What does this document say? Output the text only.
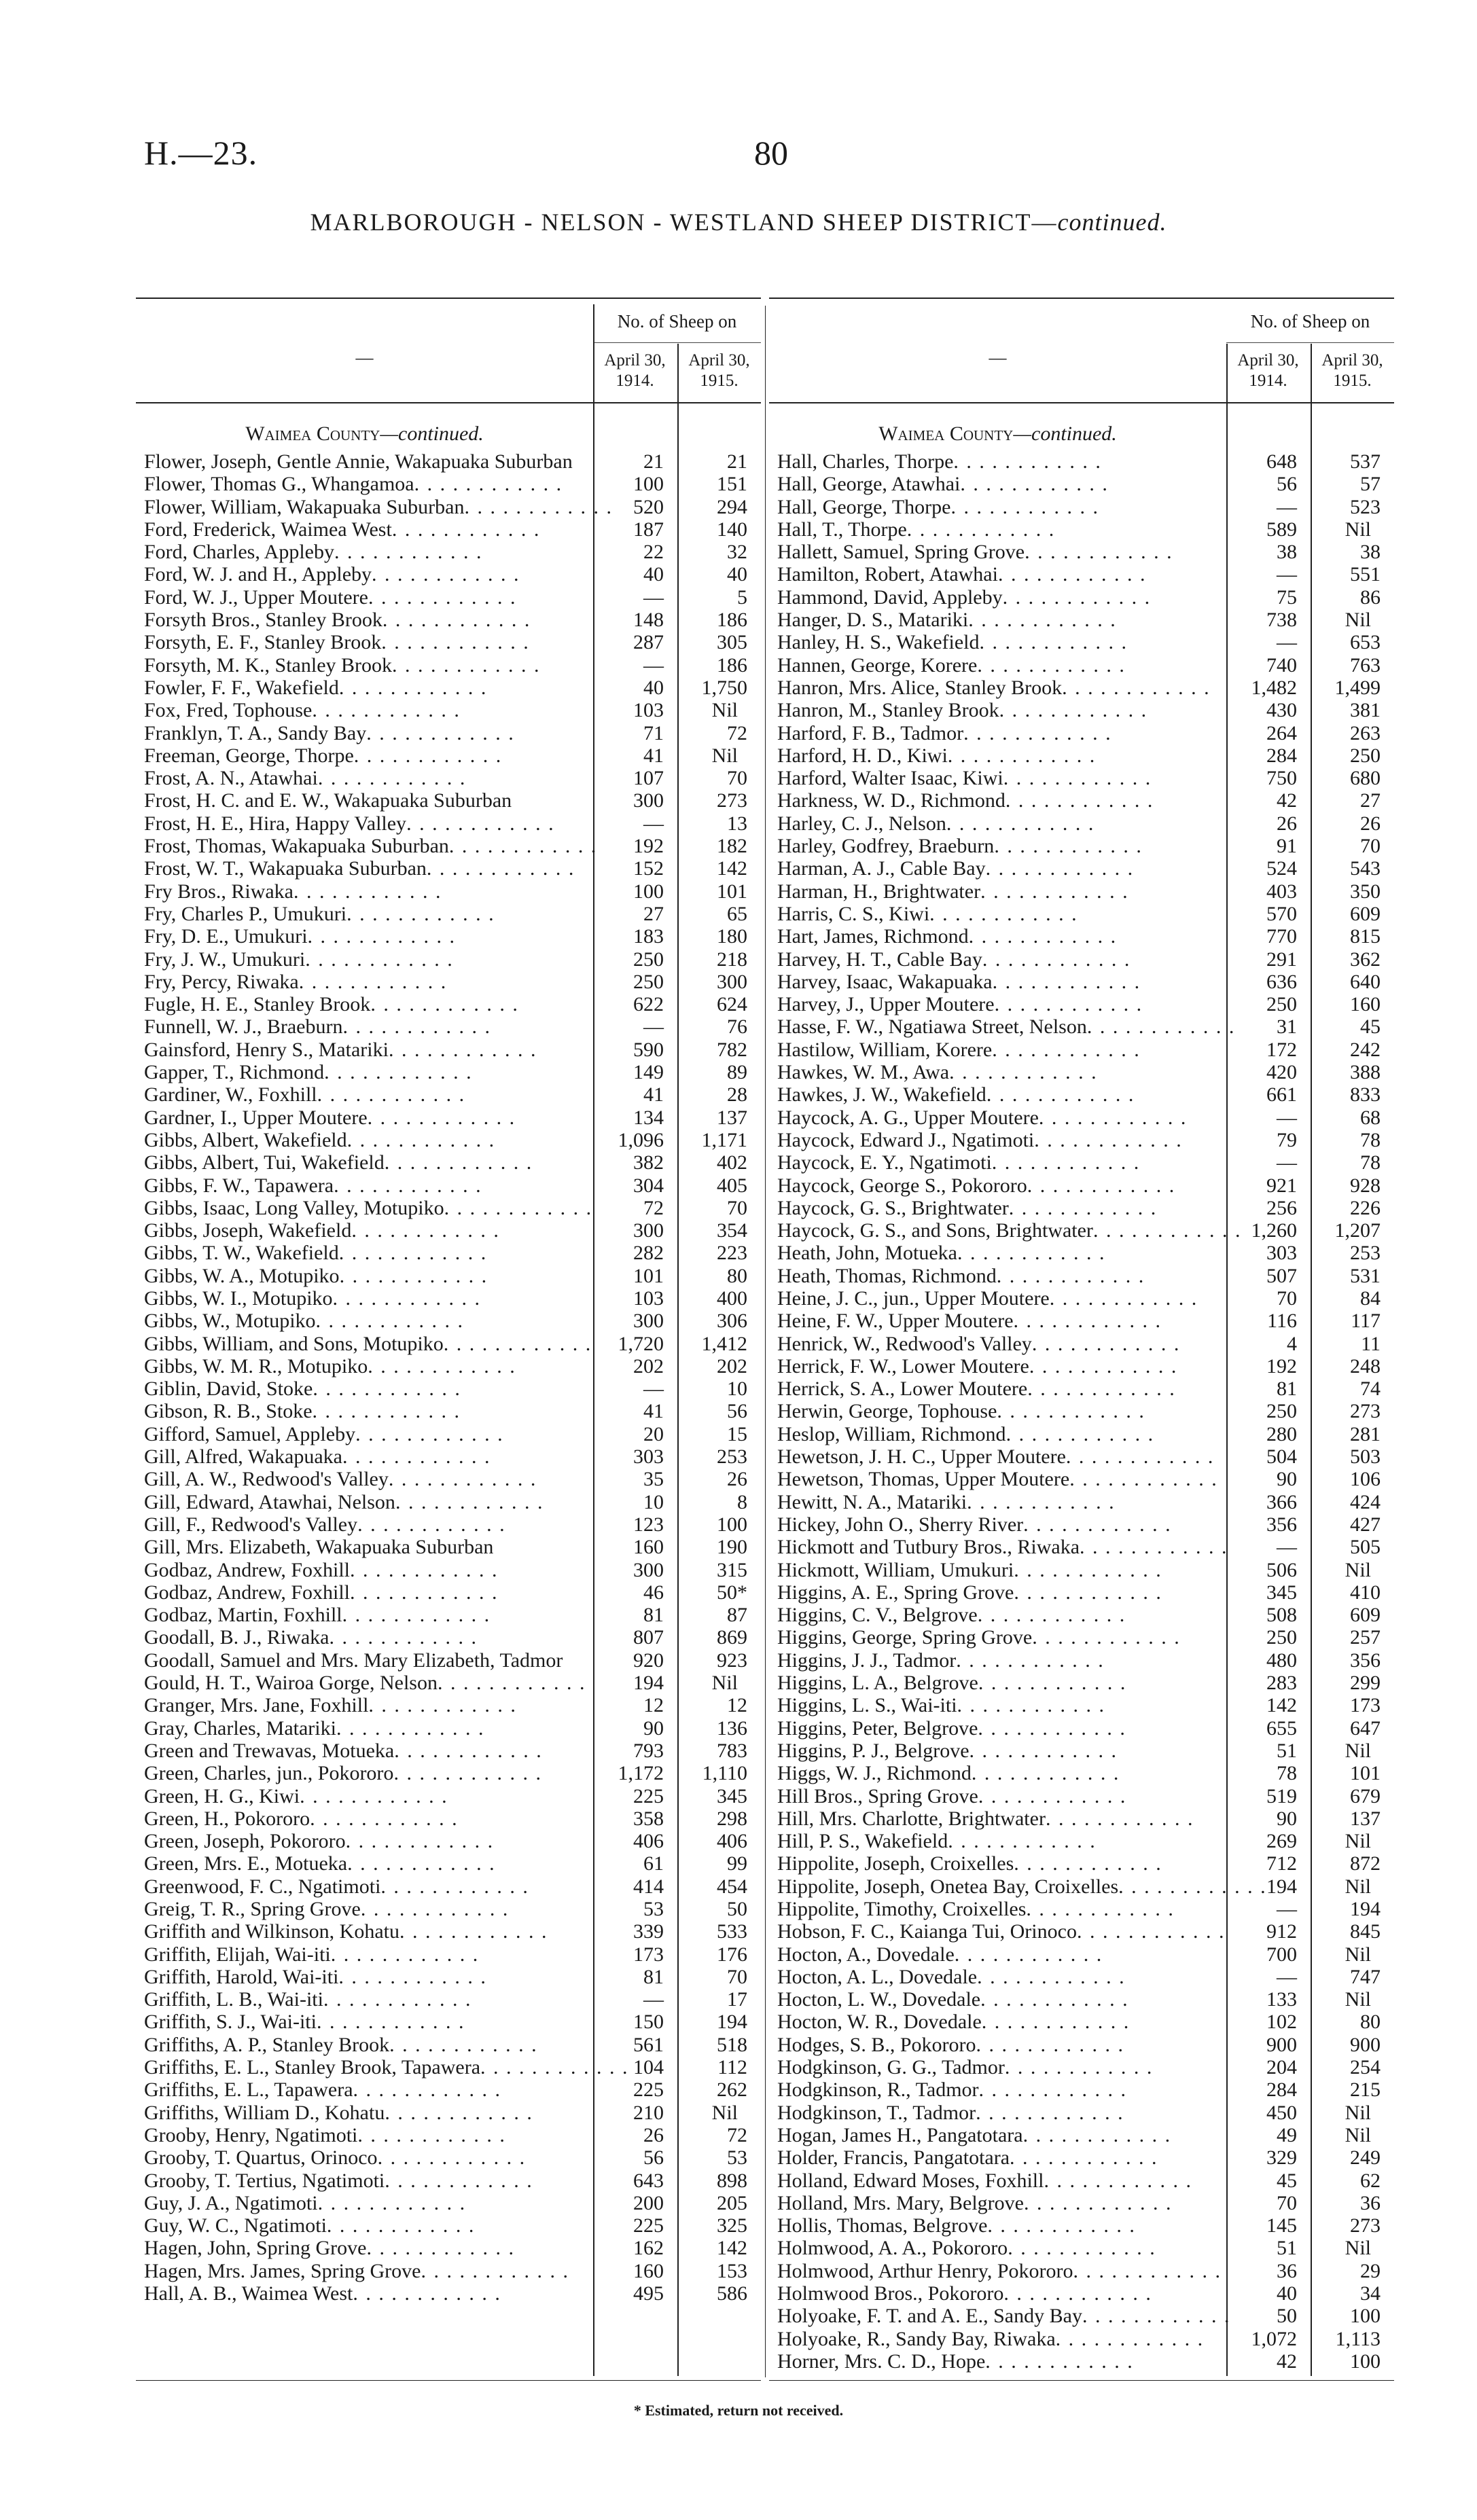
H.—23.	80
MARLBOROUGH - NELSON - WESTLAND SHEEP DISTRICT—continued.
—
No. of Sheep on
April 30, 1914.
April 30, 1915.
Waimea County—continued.
Flower, Joseph, Gentle Annie, Wakapuaka Suburban	21	21
Flower, Thomas G., Whangamoa . . . . . . . . . . . .	100	151
Flower, William, Wakapuaka Suburban . . . . . . . . . . . .	520	294
Ford, Frederick, Waimea West . . . . . . . . . . . .	187	140
Ford, Charles, Appleby . . . . . . . . . . . .	22	32
Ford, W. J. and H., Appleby . . . . . . . . . . . .	40	40
Ford, W. J., Upper Moutere . . . . . . . . . . . .	—	5
Forsyth Bros., Stanley Brook . . . . . . . . . . . .	148	186
Forsyth, E. F., Stanley Brook . . . . . . . . . . . .	287	305
Forsyth, M. K., Stanley Brook . . . . . . . . . . . .	—	186
Fowler, F. F., Wakefield . . . . . . . . . . . .	40	1,750
Fox, Fred, Tophouse . . . . . . . . . . . .	103	Nil
Franklyn, T. A., Sandy Bay . . . . . . . . . . . .	71	72
Freeman, George, Thorpe . . . . . . . . . . . .	41	Nil
Frost, A. N., Atawhai . . . . . . . . . . . .	107	70
Frost, H. C. and E. W., Wakapuaka Suburban	300	273
Frost, H. E., Hira, Happy Valley . . . . . . . . . . . .	—	13
Frost, Thomas, Wakapuaka Suburban . . . . . . . . . . . .	192	182
Frost, W. T., Wakapuaka Suburban . . . . . . . . . . . .	152	142
Fry Bros., Riwaka . . . . . . . . . . . .	100	101
Fry, Charles P., Umukuri . . . . . . . . . . . .	27	65
Fry, D. E., Umukuri . . . . . . . . . . . .	183	180
Fry, J. W., Umukuri . . . . . . . . . . . .	250	218
Fry, Percy, Riwaka . . . . . . . . . . . .	250	300
Fugle, H. E., Stanley Brook . . . . . . . . . . . .	622	624
Funnell, W. J., Braeburn . . . . . . . . . . . .	—	76
Gainsford, Henry S., Matariki . . . . . . . . . . . .	590	782
Gapper, T., Richmond . . . . . . . . . . . .	149	89
Gardiner, W., Foxhill . . . . . . . . . . . .	41	28
Gardner, I., Upper Moutere . . . . . . . . . . . .	134	137
Gibbs, Albert, Wakefield . . . . . . . . . . . .	1,096	1,171
Gibbs, Albert, Tui, Wakefield . . . . . . . . . . . .	382	402
Gibbs, F. W., Tapawera . . . . . . . . . . . .	304	405
Gibbs, Isaac, Long Valley, Motupiko . . . . . . . . . . . .	72	70
Gibbs, Joseph, Wakefield . . . . . . . . . . . .	300	354
Gibbs, T. W., Wakefield . . . . . . . . . . . .	282	223
Gibbs, W. A., Motupiko . . . . . . . . . . . .	101	80
Gibbs, W. I., Motupiko . . . . . . . . . . . .	103	400
Gibbs, W., Motupiko . . . . . . . . . . . .	300	306
Gibbs, William, and Sons, Motupiko . . . . . . . . . . . .	1,720	1,412
Gibbs, W. M. R., Motupiko . . . . . . . . . . . .	202	202
Giblin, David, Stoke . . . . . . . . . . . .	—	10
Gibson, R. B., Stoke . . . . . . . . . . . .	41	56
Gifford, Samuel, Appleby . . . . . . . . . . . .	20	15
Gill, Alfred, Wakapuaka . . . . . . . . . . . .	303	253
Gill, A. W., Redwood's Valley . . . . . . . . . . . .	35	26
Gill, Edward, Atawhai, Nelson . . . . . . . . . . . .	10	8
Gill, F., Redwood's Valley . . . . . . . . . . . .	123	100
Gill, Mrs. Elizabeth, Wakapuaka Suburban	160	190
Godbaz, Andrew, Foxhill . . . . . . . . . . . .	300	315
Godbaz, Andrew, Foxhill . . . . . . . . . . . .	46	50*
Godbaz, Martin, Foxhill . . . . . . . . . . . .	81	87
Goodall, B. J., Riwaka . . . . . . . . . . . .	807	869
Goodall, Samuel and Mrs. Mary Elizabeth, Tadmor	920	923
Gould, H. T., Wairoa Gorge, Nelson . . . . . . . . . . . .	194	Nil
Granger, Mrs. Jane, Foxhill . . . . . . . . . . . .	12	12
Gray, Charles, Matariki . . . . . . . . . . . .	90	136
Green and Trewavas, Motueka . . . . . . . . . . . .	793	783
Green, Charles, jun., Pokororo . . . . . . . . . . . .	1,172	1,110
Green, H. G., Kiwi . . . . . . . . . . . .	225	345
Green, H., Pokororo . . . . . . . . . . . .	358	298
Green, Joseph, Pokororo . . . . . . . . . . . .	406	406
Green, Mrs. E., Motueka . . . . . . . . . . . .	61	99
Greenwood, F. C., Ngatimoti . . . . . . . . . . . .	414	454
Greig, T. R., Spring Grove . . . . . . . . . . . .	53	50
Griffith and Wilkinson, Kohatu . . . . . . . . . . . .	339	533
Griffith, Elijah, Wai-iti . . . . . . . . . . . .	173	176
Griffith, Harold, Wai-iti . . . . . . . . . . . .	81	70
Griffith, L. B., Wai-iti . . . . . . . . . . . .	—	17
Griffith, S. J., Wai-iti . . . . . . . . . . . .	150	194
Griffiths, A. P., Stanley Brook . . . . . . . . . . . .	561	518
Griffiths, E. L., Stanley Brook, Tapawera . . . . . . . . . . . . 104	112
Griffiths, E. L., Tapawera . . . . . . . . . . . .	225	262
Griffiths, William D., Kohatu . . . . . . . . . . . .	210	Nil
Grooby, Henry, Ngatimoti . . . . . . . . . . . .	26	72
Grooby, T. Quartus, Orinoco . . . . . . . . . . . .	56	53
Grooby, T. Tertius, Ngatimoti . . . . . . . . . . . .	643	898
Guy, J. A., Ngatimoti . . . . . . . . . . . .	200	205
Guy, W. C., Ngatimoti . . . . . . . . . . . .	225	325
Hagen, John, Spring Grove . . . . . . . . . . . .	162	142
Hagen, Mrs. James, Spring Grove . . . . . . . . . . . .	160	153
Hall, A. B., Waimea West . . . . . . . . . . . .	495	586
—
No. of Sheep on
April 30, 1914.
April 30, 1915.
Waimea County—continued.
Hall, Charles, Thorpe . . . . . . . . . . . .	648	537
Hall, George, Atawhai . . . . . . . . . . . .	56	57
Hall, George, Thorpe . . . . . . . . . . . .	—	523
Hall, T., Thorpe . . . . . . . . . . . .	589	Nil
Hallett, Samuel, Spring Grove . . . . . . . . . . . .	38	38
Hamilton, Robert, Atawhai . . . . . . . . . . . .	—	551
Hammond, David, Appleby . . . . . . . . . . . .	75	86
Hanger, D. S., Matariki . . . . . . . . . . . .	738	Nil
Hanley, H. S., Wakefield . . . . . . . . . . . .	—	653
Hannen, George, Korere . . . . . . . . . . . .	740	763
Hanron, Mrs. Alice, Stanley Brook . . . . . . . . . . . .	1,482	1,499
Hanron, M., Stanley Brook . . . . . . . . . . . .	430	381
Harford, F. B., Tadmor . . . . . . . . . . . .	264	263
Harford, H. D., Kiwi . . . . . . . . . . . .	284	250
Harford, Walter Isaac, Kiwi . . . . . . . . . . . .	750	680
Harkness, W. D., Richmond . . . . . . . . . . . .	42	27
Harley, C. J., Nelson . . . . . . . . . . . .	26	26
Harley, Godfrey, Braeburn . . . . . . . . . . . .	91	70
Harman, A. J., Cable Bay . . . . . . . . . . . .	524	543
Harman, H., Brightwater . . . . . . . . . . . .	403	350
Harris, C. S., Kiwi . . . . . . . . . . . .	570	609
Hart, James, Richmond . . . . . . . . . . . .	770	815
Harvey, H. T., Cable Bay . . . . . . . . . . . .	291	362
Harvey, Isaac, Wakapuaka . . . . . . . . . . . .	636	640
Harvey, J., Upper Moutere . . . . . . . . . . . .	250	160
Hasse, F. W., Ngatiawa Street, Nelson . . . . . . . . . . . .	31	45
Hastilow, William, Korere . . . . . . . . . . . .	172	242
Hawkes, W. M., Awa . . . . . . . . . . . .	420	388
Hawkes, J. W., Wakefield . . . . . . . . . . . .	661	833
Haycock, A. G., Upper Moutere . . . . . . . . . . . .	—	68
Haycock, Edward J., Ngatimoti . . . . . . . . . . . .	79	78
Haycock, E. Y., Ngatimoti . . . . . . . . . . . .	—	78
Haycock, George S., Pokororo . . . . . . . . . . . .	921	928
Haycock, G. S., Brightwater . . . . . . . . . . . .	256	226
Haycock, G. S., and Sons, Brightwater . . . . . . . . . . . . 1,260	1,207
Heath, John, Motueka . . . . . . . . . . . .	303	253
Heath, Thomas, Richmond . . . . . . . . . . . .	507	531
Heine, J. C., jun., Upper Moutere . . . . . . . . . . . .	70	84
Heine, F. W., Upper Moutere . . . . . . . . . . . .	116	117
Henrick, W., Redwood's Valley . . . . . . . . . . . .	4	11
Herrick, F. W., Lower Moutere . . . . . . . . . . . .	192	248
Herrick, S. A., Lower Moutere . . . . . . . . . . . .	81	74
Herwin, George, Tophouse . . . . . . . . . . . .	250	273
Heslop, William, Richmond . . . . . . . . . . . .	280	281
Hewetson, J. H. C., Upper Moutere . . . . . . . . . . . .	504	503
Hewetson, Thomas, Upper Moutere . . . . . . . . . . . .	90	106
Hewitt, N. A., Matariki . . . . . . . . . . . .	366	424
Hickey, John O., Sherry River . . . . . . . . . . . .	356	427
Hickmott and Tutbury Bros., Riwaka . . . . . . . . . . . .	—	505
Hickmott, William, Umukuri . . . . . . . . . . . .	506	Nil
Higgins, A. E., Spring Grove . . . . . . . . . . . .	345	410
Higgins, C. V., Belgrove . . . . . . . . . . . .	508	609
Higgins, George, Spring Grove . . . . . . . . . . . .	250	257
Higgins, J. J., Tadmor . . . . . . . . . . . .	480	356
Higgins, L. A., Belgrove . . . . . . . . . . . .	283	299
Higgins, L. S., Wai-iti . . . . . . . . . . . .	142	173
Higgins, Peter, Belgrove . . . . . . . . . . . .	655	647
Higgins, P. J., Belgrove . . . . . . . . . . . .	51	Nil
Higgs, W. J., Richmond . . . . . . . . . . . .	78	101
Hill Bros., Spring Grove . . . . . . . . . . . .	519	679
Hill, Mrs. Charlotte, Brightwater . . . . . . . . . . . .	90	137
Hill, P. S., Wakefield . . . . . . . . . . . .	269	Nil
Hippolite, Joseph, Croixelles . . . . . . . . . . . .	712	872
Hippolite, Joseph, Onetea Bay, Croixelles . . . . . . . . . . . . 194	Nil
Hippolite, Timothy, Croixelles . . . . . . . . . . . .	—	194
Hobson, F. C., Kaianga Tui, Orinoco . . . . . . . . . . . .	912	845
Hocton, A., Dovedale . . . . . . . . . . . .	700	Nil
Hocton, A. L., Dovedale . . . . . . . . . . . .	—	747
Hocton, L. W., Dovedale . . . . . . . . . . . .	133	Nil
Hocton, W. R., Dovedale . . . . . . . . . . . .	102	80
Hodges, S. B., Pokororo . . . . . . . . . . . .	900	900
Hodgkinson, G. G., Tadmor . . . . . . . . . . . .	204	254
Hodgkinson, R., Tadmor . . . . . . . . . . . .	284	215
Hodgkinson, T., Tadmor . . . . . . . . . . . .	450	Nil
Hogan, James H., Pangatotara . . . . . . . . . . . .	49	Nil
Holder, Francis, Pangatotara . . . . . . . . . . . .	329	249
Holland, Edward Moses, Foxhill . . . . . . . . . . . .	45	62
Holland, Mrs. Mary, Belgrove . . . . . . . . . . . .	70	36
Hollis, Thomas, Belgrove . . . . . . . . . . . .	145	273
Holmwood, A. A., Pokororo . . . . . . . . . . . .	51	Nil
Holmwood, Arthur Henry, Pokororo . . . . . . . . . . . .	36	29
Holmwood Bros., Pokororo . . . . . . . . . . . .	40	34
Holyoake, F. T. and A. E., Sandy Bay . . . . . . . . . . . .	50	100
Holyoake, R., Sandy Bay, Riwaka . . . . . . . . . . . .	1,072	1,113
Horner, Mrs. C. D., Hope . . . . . . . . . . . .	42	100
* Estimated, return not received.
